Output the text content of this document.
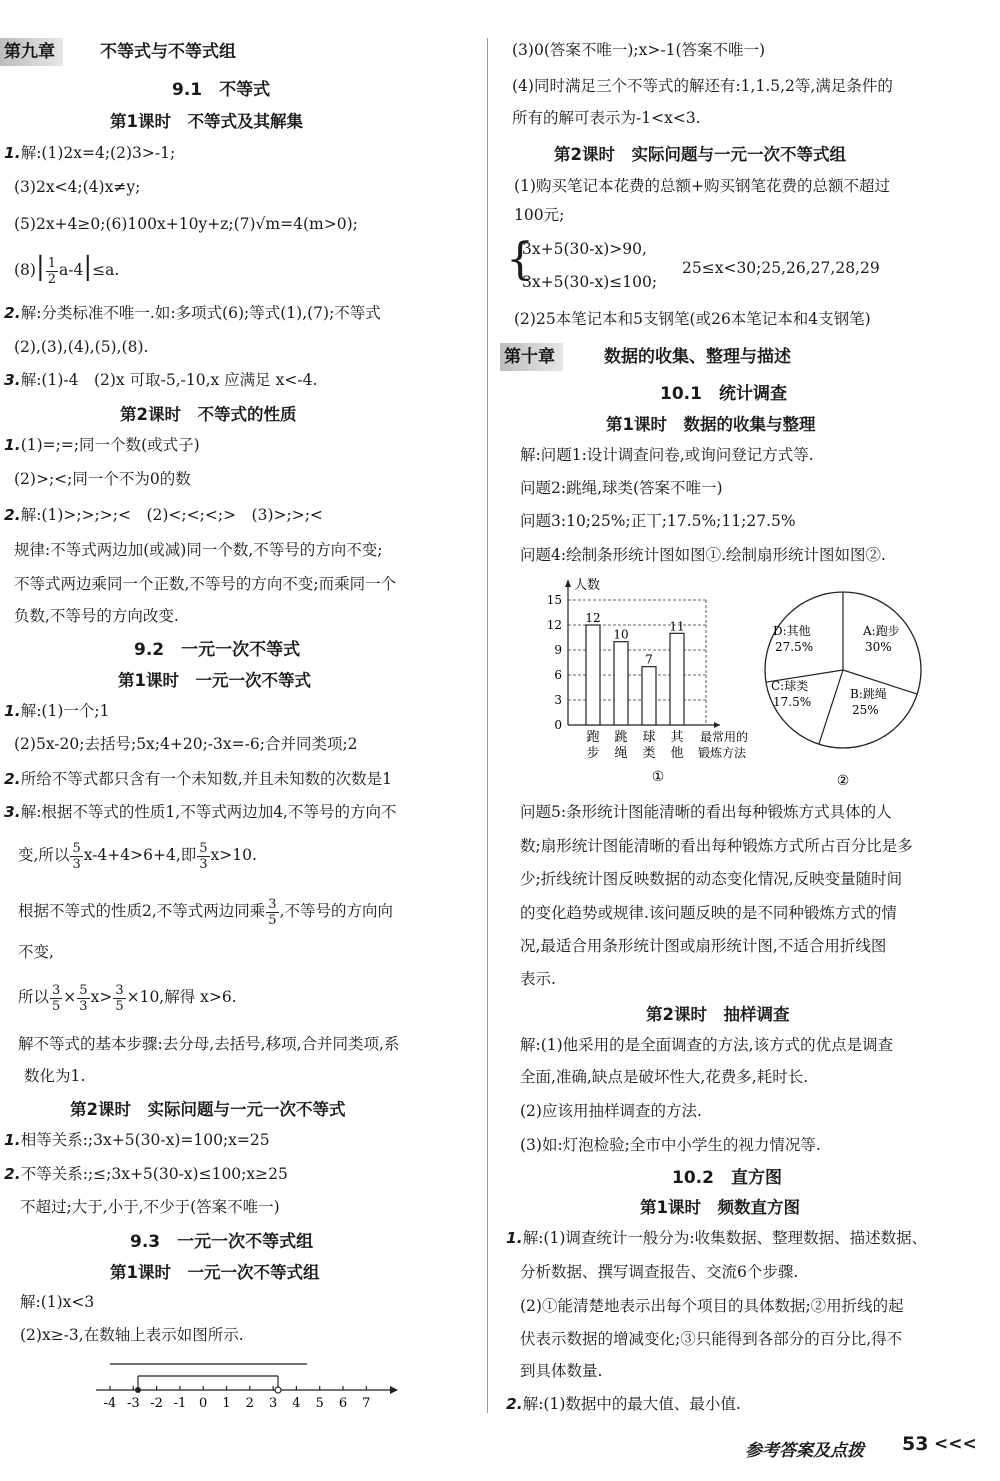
第九章	不等式与不等式组
9.1　不等式
第1课时　不等式及其解集
1.解:(1)2x=4;(2)3>-1;
(3)2x<4;(4)x≠y;
(5)2x+4≥0;(6)100x+10y+z;(7)√m=4(m>0);
$(8)| \frac{1}{2} a-4|\le a$.
2.解:分类标准不唯一.如:多项式(6);等式(1),(7);不等式
(2),(3),(4),(5),(8).
3.解:(1)-4　(2)x 可取-5,-10,x 应满足 x<-4.
第2课时　不等式的性质
1.(1)=;=;同一个数(或式子)
(2)>;<;同一个不为0的数
2.解:(1)>;>;>;<　(2)<;<;<;>　(3)>;>;<
规律:不等式两边加(或减)同一个数,不等号的方向不变;
不等式两边乘同一个正数,不等号的方向不变;而乘同一个
负数,不等号的方向改变.
9.2　一元一次不等式
第1课时　一元一次不等式
1.解:(1)一个;1
(2)5x-20;去括号;5x;4+20;-3x=-6;合并同类项;2
2.所给不等式都只含有一个未知数,并且未知数的次数是1
3.解:根据不等式的性质1,不等式两边加4,不等号的方向不
变,所以 $\frac{5}{3} x-4+4>6+4$,即 $\frac{5}{3} x>10$.
根据不等式的性质2,不等式两边同乘 $\frac{3}{5}$ ,不等号的方向向
不变,
所以 $\frac{3}{5} \times \frac{5}{3} x> \frac{3}{5} \times 10$,解得 x>6.
解不等式的基本步骤:去分母,去括号,移项,合并同类项,系
数化为1.
第2课时　实际问题与一元一次不等式
1.相等关系:;3x+5(30-x)=100;x=25
2.不等关系:;≤;3x+5(30-x)≤100;x≥25
不超过;大于,小于,不少于(答案不唯一)
9.3　一元一次不等式组
第1课时　一元一次不等式组
解:(1)x<3
(2)x≥-3,在数轴上表示如图所示.
-4 -3 -2 -1 0 1 2 3 4 5 6 7
(3)0(答案不唯一);x>-1(答案不唯一)
(4)同时满足三个不等式的解还有:1,1.5,2等,满足条件的
所有的解可表示为-1<x<3.
第2课时　实际问题与一元一次不等式组
(1)购买笔记本花费的总额+购买钢笔花费的总额不超过
100元;
{
3x+5(30-x)>90,
3x+5(30-x)≤100;
25≤x<30;25,26,27,28,29
(2)25本笔记本和5支钢笔(或26本笔记本和4支钢笔)
第十章	数据的收集、整理与描述
10.1　统计调查
第1课时　数据的收集与整理
解:问题1:设计调查问卷,或询问登记方式等.
问题2:跳绳,球类(答案不唯一)
问题3:10;25%;正丅;17.5%;11;27.5%
问题4:绘制条形统计图如图①.绘制扇形统计图如图②.
人数
0
3
6
9
12
15
12
跑
步
10
跳
绳
7
球
类
11
其
他
最常用的
锻炼方法
①
A:跑步
30%
B:跳绳
25%
C:球类
17.5%
D:其他
27.5%
②
问题5:条形统计图能清晰的看出每种锻炼方式具体的人
数;扇形统计图能清晰的看出每种锻炼方式所占百分比是多
少;折线统计图反映数据的动态变化情况,反映变量随时间
的变化趋势或规律.该问题反映的是不同种锻炼方式的情
况,最适合用条形统计图或扇形统计图,不适合用折线图
表示.
第2课时　抽样调查
解:(1)他采用的是全面调查的方法,该方式的优点是调查
全面,准确,缺点是破坏性大,花费多,耗时长.
(2)应该用抽样调查的方法.
(3)如:灯泡检验;全市中小学生的视力情况等.
10.2　直方图
第1课时　频数直方图
1.解:(1)调查统计一般分为:收集数据、整理数据、描述数据、
分析数据、撰写调查报告、交流6个步骤.
(2)①能清楚地表示出每个项目的具体数据;②用折线的起
伏表示数据的增减变化;③只能得到各部分的百分比,得不
到具体数量.
2.解:(1)数据中的最大值、最小值.
参考答案及点拨 53 <<<
